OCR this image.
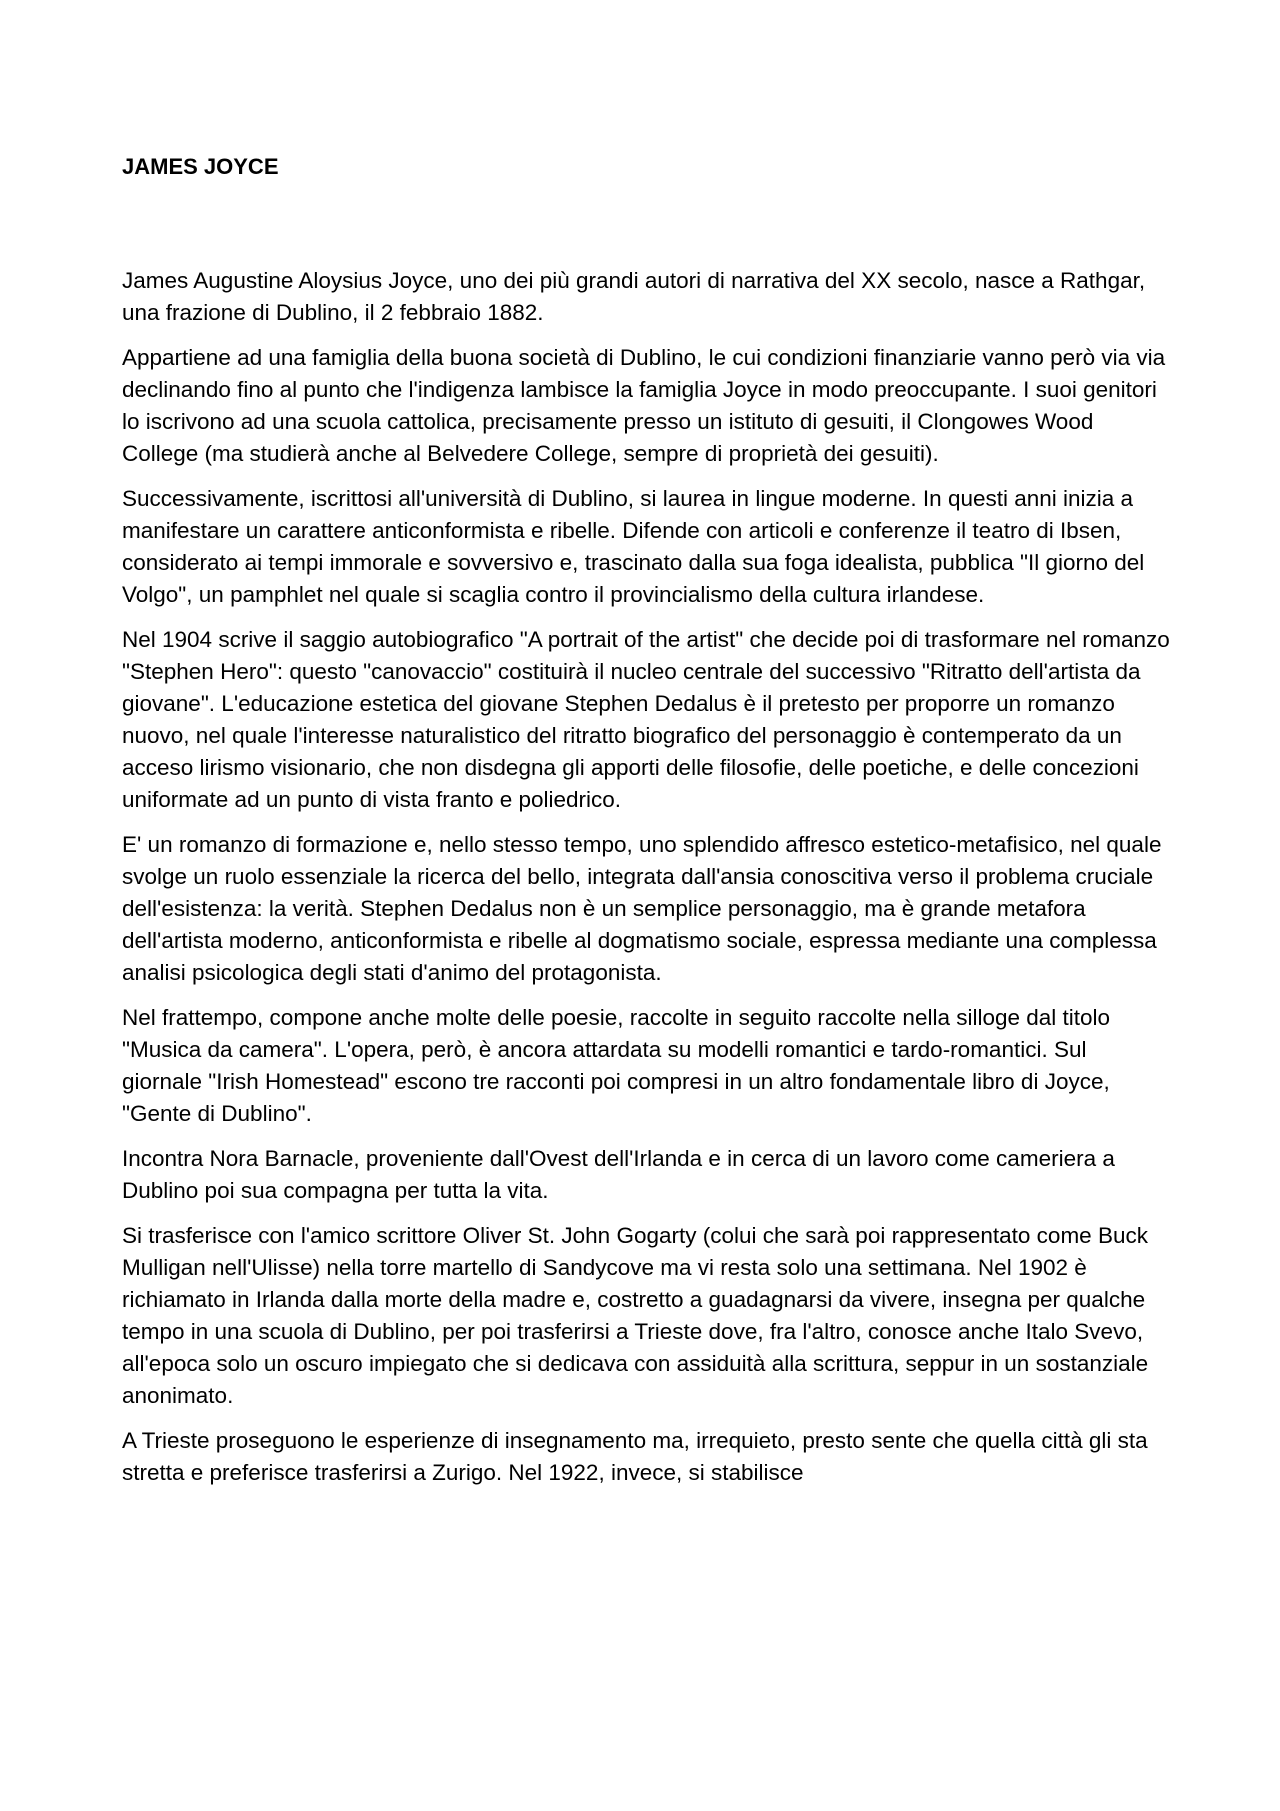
JAMES JOYCE

James Augustine Aloysius Joyce, uno dei più grandi autori di narrativa del XX secolo, nasce a Rathgar, una frazione di Dublino, il 2 febbraio 1882.

Appartiene ad una famiglia della buona società di Dublino, le cui condizioni finanziarie vanno però via via declinando fino al punto che l'indigenza lambisce la famiglia Joyce in modo preoccupante. I suoi genitori lo iscrivono ad una scuola cattolica, precisamente presso un istituto di gesuiti, il Clongowes Wood College (ma studierà anche al Belvedere College, sempre di proprietà dei gesuiti).

Successivamente, iscrittosi all'università di Dublino, si laurea in lingue moderne. In questi anni inizia a manifestare un carattere anticonformista e ribelle. Difende con articoli e conferenze il teatro di Ibsen, considerato ai tempi immorale e sovversivo e, trascinato dalla sua foga idealista, pubblica "Il giorno del Volgo", un pamphlet nel quale si scaglia contro il provincialismo della cultura irlandese.

Nel 1904 scrive il saggio autobiografico "A portrait of the artist" che decide poi di trasformare nel romanzo "Stephen Hero": questo "canovaccio" costituirà il nucleo centrale del successivo "Ritratto dell'artista da giovane". L'educazione estetica del giovane Stephen Dedalus è il pretesto per proporre un romanzo nuovo, nel quale l'interesse naturalistico del ritratto biografico del personaggio è contemperato da un acceso lirismo visionario, che non disdegna gli apporti delle filosofie, delle poetiche, e delle concezioni uniformate ad un punto di vista franto e poliedrico.

E' un romanzo di formazione e, nello stesso tempo, uno splendido affresco estetico-metafisico, nel quale svolge un ruolo essenziale la ricerca del bello, integrata dall'ansia conoscitiva verso il problema cruciale dell'esistenza: la verità. Stephen Dedalus non è un semplice personaggio, ma è grande metafora dell'artista moderno, anticonformista e ribelle al dogmatismo sociale, espressa mediante una complessa analisi psicologica degli stati d'animo del protagonista.

Nel frattempo, compone anche molte delle poesie, raccolte in seguito raccolte nella silloge dal titolo "Musica da camera". L'opera, però, è ancora attardata su modelli romantici e tardo-romantici. Sul giornale "Irish Homestead" escono tre racconti poi compresi in un altro fondamentale libro di Joyce, "Gente di Dublino".

Incontra Nora Barnacle, proveniente dall'Ovest dell'Irlanda e in cerca di un lavoro come cameriera a Dublino poi sua compagna per tutta la vita.

Si trasferisce con l'amico scrittore Oliver St. John Gogarty (colui che sarà poi rappresentato come Buck Mulligan nell'Ulisse) nella torre martello di Sandycove ma vi resta solo una settimana. Nel 1902 è richiamato in Irlanda dalla morte della madre e, costretto a guadagnarsi da vivere, insegna per qualche tempo in una scuola di Dublino, per poi trasferirsi a Trieste dove, fra l'altro, conosce anche Italo Svevo, all'epoca solo un oscuro impiegato che si dedicava con assiduità alla scrittura, seppur in un sostanziale anonimato.

A Trieste proseguono le esperienze di insegnamento ma, irrequieto, presto sente che quella città gli sta stretta e preferisce trasferirsi a Zurigo. Nel 1922, invece, si stabilisce
